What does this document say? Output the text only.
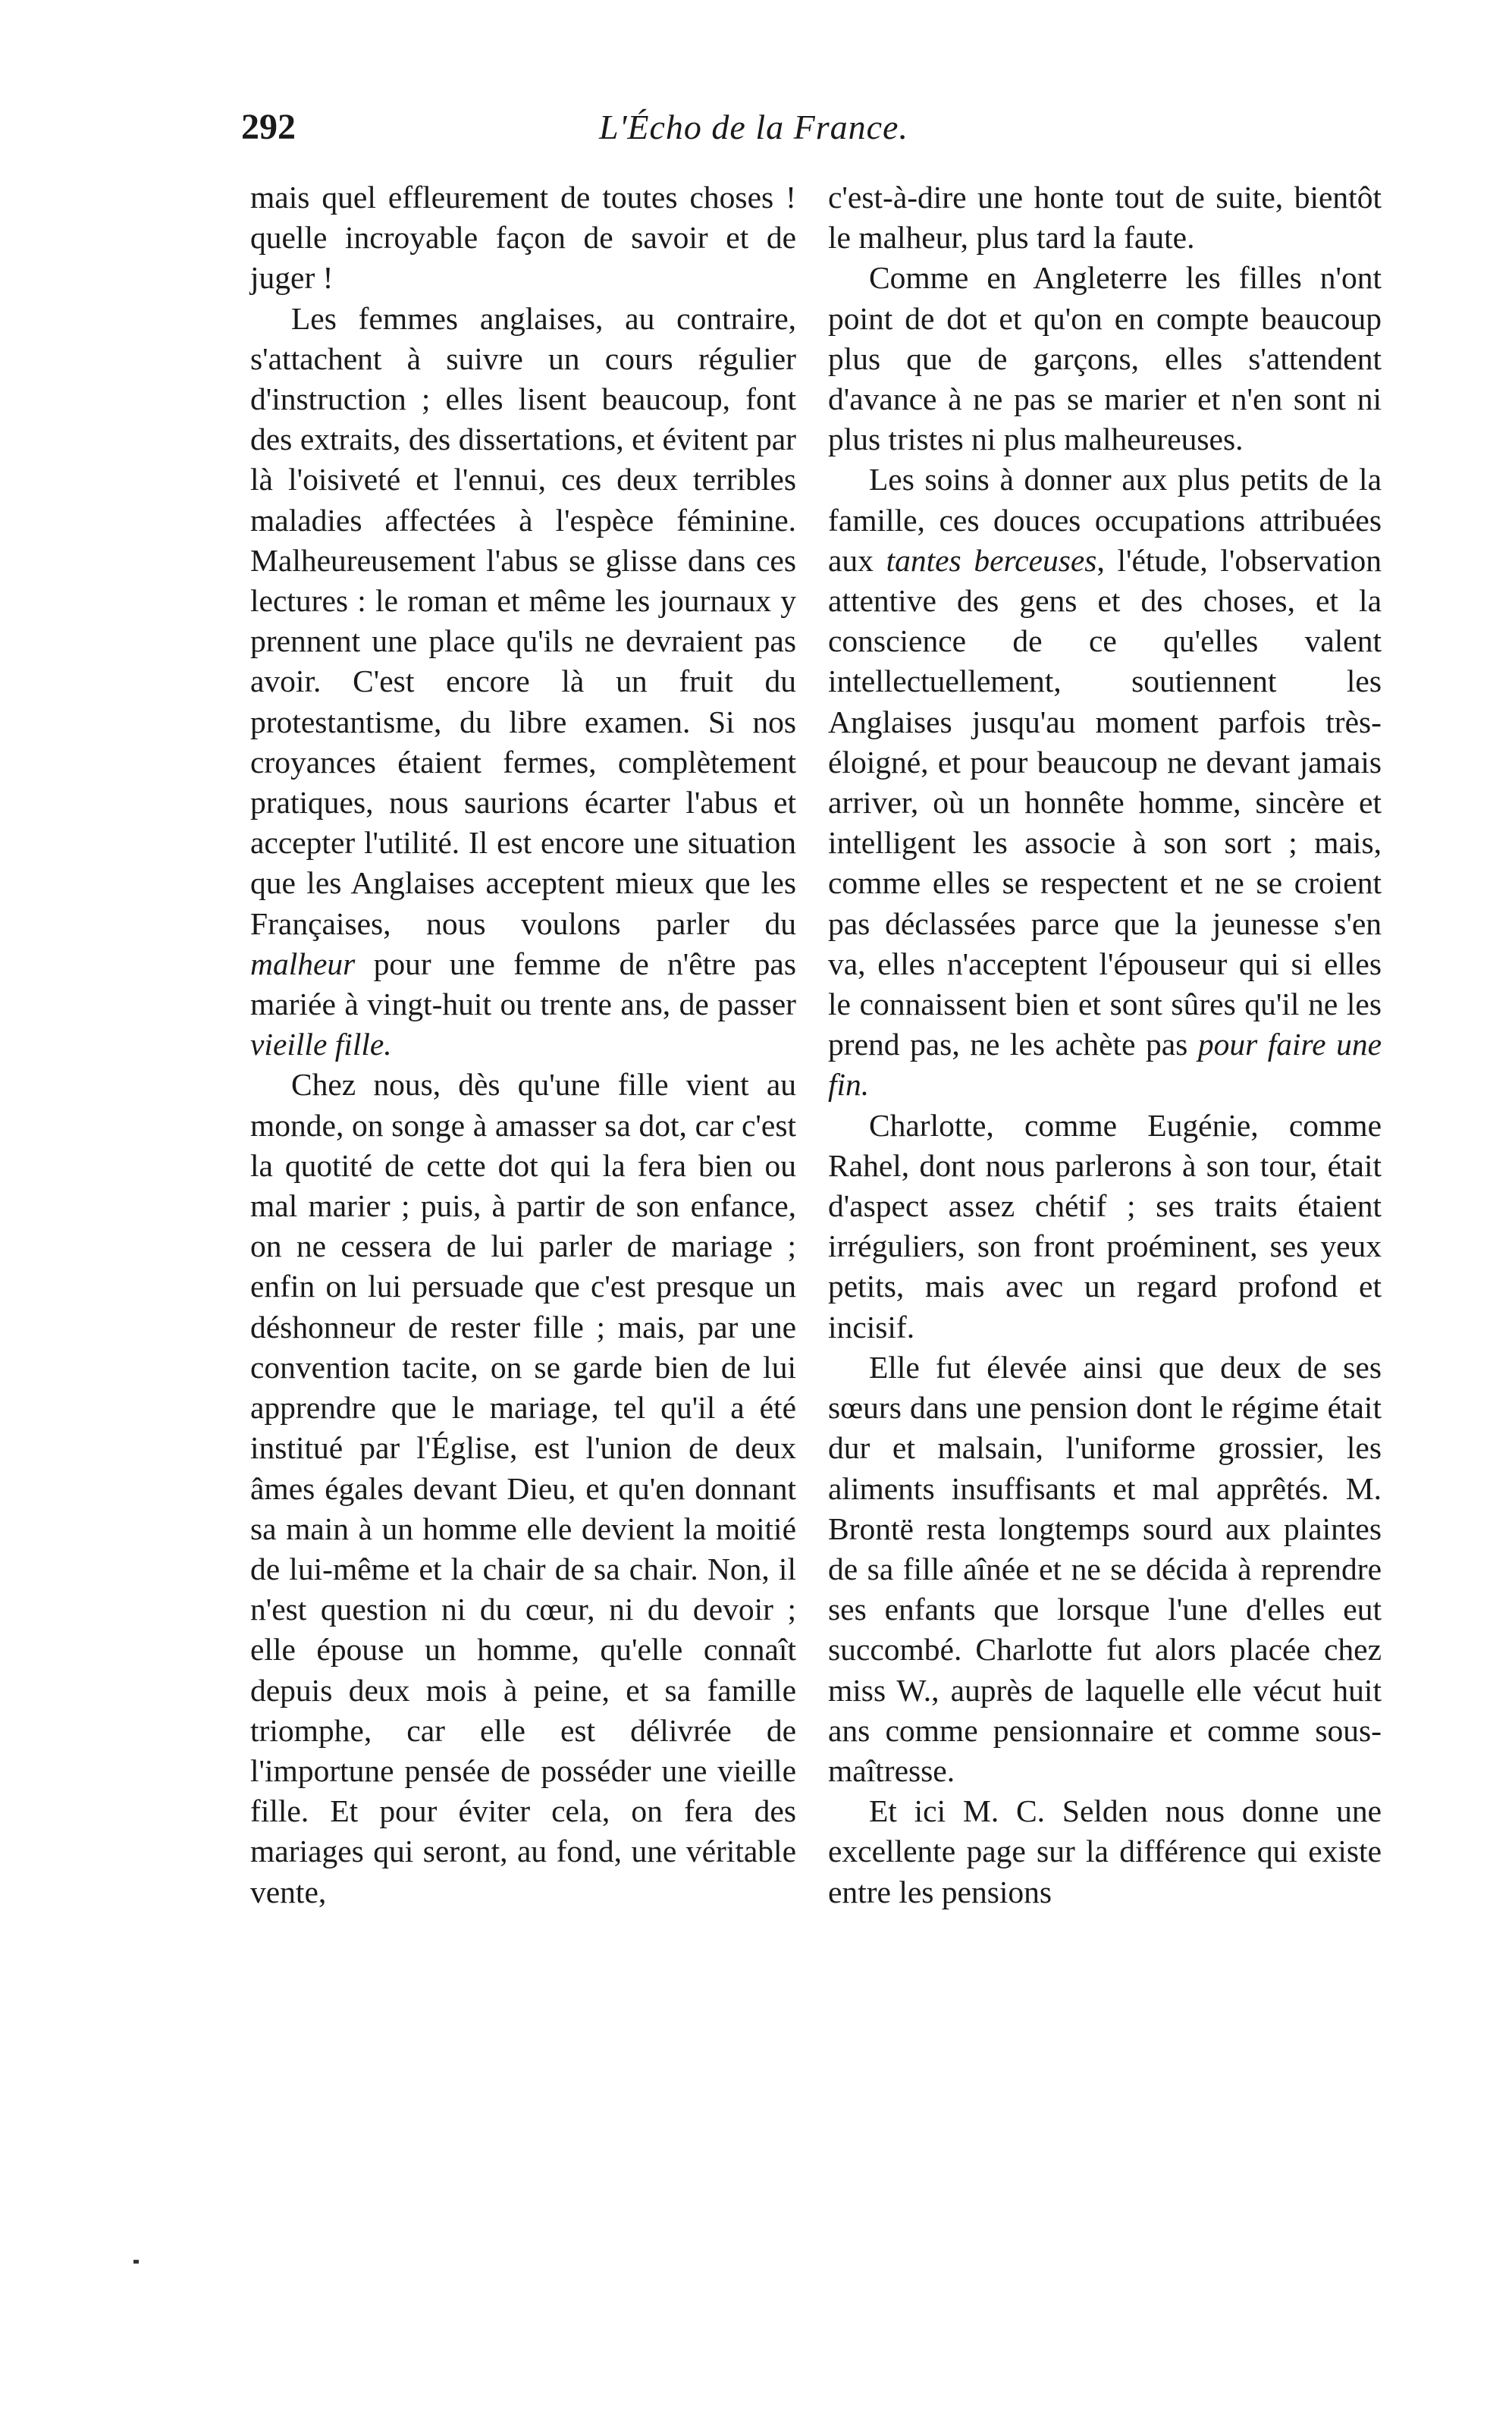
292	L'Écho de la France.

mais quel effleurement de toutes choses ! quelle incroyable façon de savoir et de juger !

Les femmes anglaises, au contraire, s'attachent à suivre un cours régulier d'instruction ; elles lisent beaucoup, font des extraits, des dissertations, et évitent par là l'oisiveté et l'ennui, ces deux terribles maladies affectées à l'espèce féminine. Malheureusement l'abus se glisse dans ces lectures : le roman et même les journaux y prennent une place qu'ils ne devraient pas avoir. C'est encore là un fruit du protestantisme, du libre examen. Si nos croyances étaient fermes, complètement pratiques, nous saurions écarter l'abus et accepter l'utilité. Il est encore une situation que les Anglaises acceptent mieux que les Françaises, nous voulons parler du malheur pour une femme de n'être pas mariée à vingt-huit ou trente ans, de passer vieille fille.

Chez nous, dès qu'une fille vient au monde, on songe à amasser sa dot, car c'est la quotité de cette dot qui la fera bien ou mal marier ; puis, à partir de son enfance, on ne cessera de lui parler de mariage ; enfin on lui persuade que c'est presque un déshonneur de rester fille ; mais, par une convention tacite, on se garde bien de lui apprendre que le mariage, tel qu'il a été institué par l'Église, est l'union de deux âmes égales devant Dieu, et qu'en donnant sa main à un homme elle devient la moitié de lui-même et la chair de sa chair. Non, il n'est question ni du cœur, ni du devoir ; elle épouse un homme, qu'elle connaît depuis deux mois à peine, et sa famille triomphe, car elle est délivrée de l'importune pensée de posséder une vieille fille. Et pour éviter cela, on fera des mariages qui seront, au fond, une véritable vente,

c'est-à-dire une honte tout de suite, bientôt le malheur, plus tard la faute.

Comme en Angleterre les filles n'ont point de dot et qu'on en compte beaucoup plus que de garçons, elles s'attendent d'avance à ne pas se marier et n'en sont ni plus tristes ni plus malheureuses.

Les soins à donner aux plus petits de la famille, ces douces occupations attribuées aux tantes berceuses, l'étude, l'observation attentive des gens et des choses, et la conscience de ce qu'elles valent intellectuellement, soutiennent les Anglaises jusqu'au moment parfois très-éloigné, et pour beaucoup ne devant jamais arriver, où un honnête homme, sincère et intelligent les associe à son sort ; mais, comme elles se respectent et ne se croient pas déclassées parce que la jeunesse s'en va, elles n'acceptent l'épouseur qui si elles le connaissent bien et sont sûres qu'il ne les prend pas, ne les achète pas pour faire une fin.

Charlotte, comme Eugénie, comme Rahel, dont nous parlerons à son tour, était d'aspect assez chétif ; ses traits étaient irréguliers, son front proéminent, ses yeux petits, mais avec un regard profond et incisif.

Elle fut élevée ainsi que deux de ses sœurs dans une pension dont le régime était dur et malsain, l'uniforme grossier, les aliments insuffisants et mal apprêtés. M. Brontë resta longtemps sourd aux plaintes de sa fille aînée et ne se décida à reprendre ses enfants que lorsque l'une d'elles eut succombé. Charlotte fut alors placée chez miss W., auprès de laquelle elle vécut huit ans comme pensionnaire et comme sous-maîtresse.

Et ici M. C. Selden nous donne une excellente page sur la différence qui existe entre les pensions
